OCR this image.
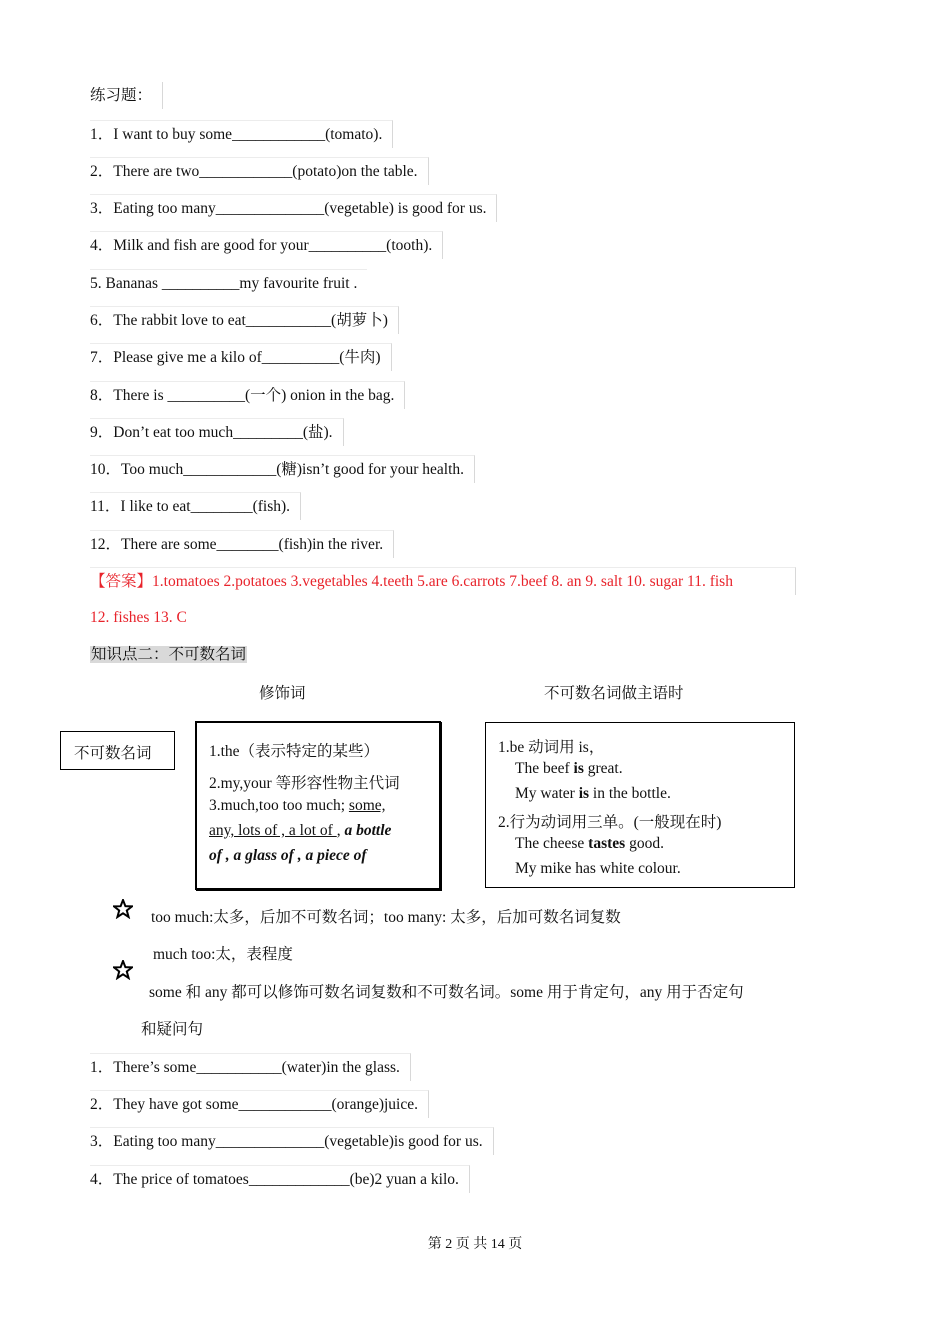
练习题：
1．I want to buy some____________(tomato).
2．There are two____________(potato)on the table.
3．Eating too many______________(vegetable) is good for us.
4．Milk and fish are good for your__________(tooth).
5. Bananas __________my favourite fruit .
6．The rabbit love to eat___________(胡萝卜)
7．Please give me a kilo of__________(牛肉)
8．There is __________(一个) onion in the bag.
9．Don’t eat too much_________(盐).
10．Too much____________(糖)isn’t good for your health.
11．I like to eat________(fish).
12．There are some________(fish)in the river.
【答案】1.tomatoes 2.potatoes 3.vegetables 4.teeth 5.are 6.carrots 7.beef 8. an 9. salt 10. sugar 11. fish
12. fishes 13. C
知识点二：不可数名词
修饰词	不可数名词做主语时
不可数名词	1.the（表示特定的某些）
2.my,your 等形容性物主代词
3.much,too too much; some,
any, lots of , a lot of , a bottle
of , a glass of , a piece of
1.be 动词用 is，
The beef is great.
My water is in the bottle.
2.行为动词用三单。(一般现在时)
The cheese tastes good.
My mike has white colour.
too much:太多，后加不可数名词；too many: 太多，后加可数名词复数
much too:太，表程度
some 和 any 都可以修饰可数名词复数和不可数名词。some 用于肯定句，any 用于否定句
和疑问句
1．There’s some___________(water)in the glass.
2．They have got some____________(orange)juice.
3．Eating too many______________(vegetable)is good for us.
4．The price of tomatoes_____________(be)2 yuan a kilo.
第 2 页 共 14 页
